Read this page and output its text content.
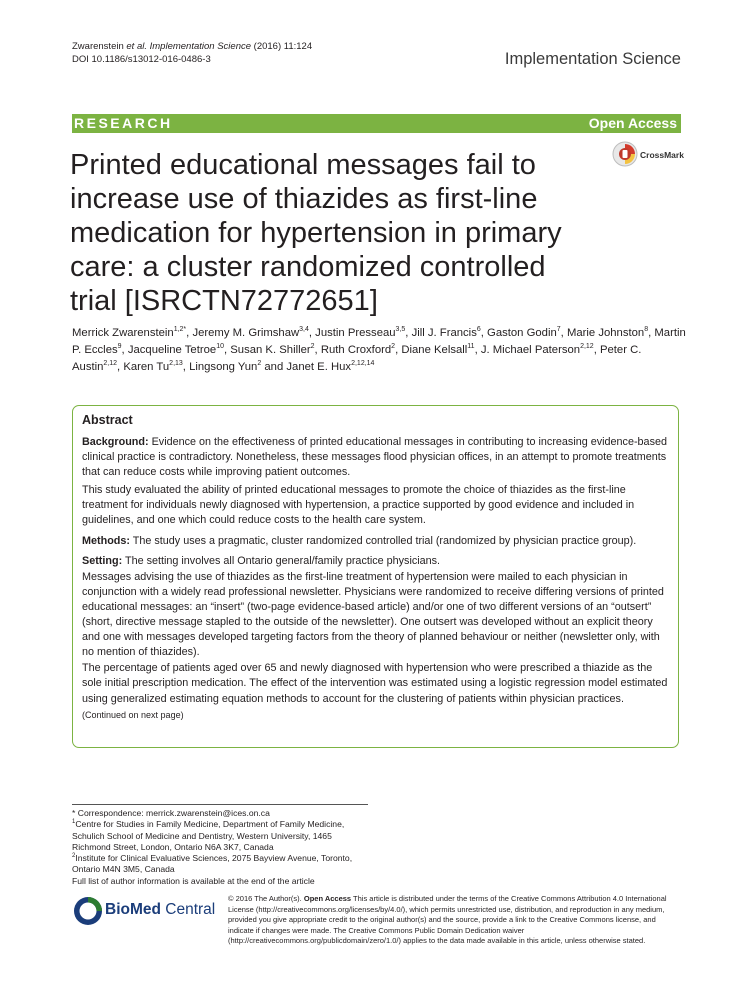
Zwarenstein et al. Implementation Science (2016) 11:124
DOI 10.1186/s13012-016-0486-3	Implementation Science
RESEARCH	Open Access
Printed educational messages fail to increase use of thiazides as first-line medication for hypertension in primary care: a cluster randomized controlled trial [ISRCTN72772651]
CrossMark

Merrick Zwarenstein$^{1,2*}$, Jeremy M. Grimshaw$^{3,4}$, Justin Presseau$^{3,5}$, Jill J. Francis$^6$, Gaston Godin$^7$, Marie Johnston$^8$, Martin P. Eccles$^9$, Jacqueline Tetroe$^{10}$, Susan K. Shiller$^2$, Ruth Croxford$^2$, Diane Kelsall$^{11}$, J. Michael Paterson$^{2,12}$, Peter C. Austin$^{2,12}$, Karen Tu$^{2,13}$, Lingsong Yun$^2$ and Janet E. Hux$^{2,12,14}$

Abstract

Background: Evidence on the effectiveness of printed educational messages in contributing to increasing evidence-based clinical practice is contradictory. Nonetheless, these messages flood physician offices, in an attempt to promote treatments that can reduce costs while improving patient outcomes.

This study evaluated the ability of printed educational messages to promote the choice of thiazides as the first-line treatment for individuals newly diagnosed with hypertension, a practice supported by good evidence and included in guidelines, and one which could reduce costs to the health care system.

Methods: The study uses a pragmatic, cluster randomized controlled trial (randomized by physician practice group).

Setting: The setting involves all Ontario general/family practice physicians.

Messages advising the use of thiazides as the first-line treatment of hypertension were mailed to each physician in conjunction with a widely read professional newsletter. Physicians were randomized to receive differing versions of printed educational messages: an “insert” (two-page evidence-based article) and/or one of two different versions of an “outsert” (short, directive message stapled to the outside of the newsletter). One outsert was developed without an explicit theory and one with messages developed targeting factors from the theory of planned behaviour or neither (newsletter only, with no mention of thiazides).

The percentage of patients aged over 65 and newly diagnosed with hypertension who were prescribed a thiazide as the sole initial prescription medication. The effect of the intervention was estimated using a logistic regression model estimated using generalized estimating equation methods to account for the clustering of patients within physician practices.

(Continued on next page)

* Correspondence: merrick.zwarenstein@ices.on.ca

$^1$Centre for Studies in Family Medicine, Department of Family Medicine, Schulich School of Medicine and Dentistry, Western University, 1465 Richmond Street, London, Ontario N6A 3K7, Canada

$^2$Institute for Clinical Evaluative Sciences, 2075 Bayview Avenue, Toronto, Ontario M4N 3M5, Canada

Full list of author information is available at the end of the article

BioMed Central
© 2016 The Author(s). Open Access This article is distributed under the terms of the Creative Commons Attribution 4.0 International License (http://creativecommons.org/licenses/by/4.0/), which permits unrestricted use, distribution, and reproduction in any medium, provided you give appropriate credit to the original author(s) and the source, provide a link to the Creative Commons license, and indicate if changes were made. The Creative Commons Public Domain Dedication waiver (http://creativecommons.org/publicdomain/zero/1.0/) applies to the data made available in this article, unless otherwise stated.
